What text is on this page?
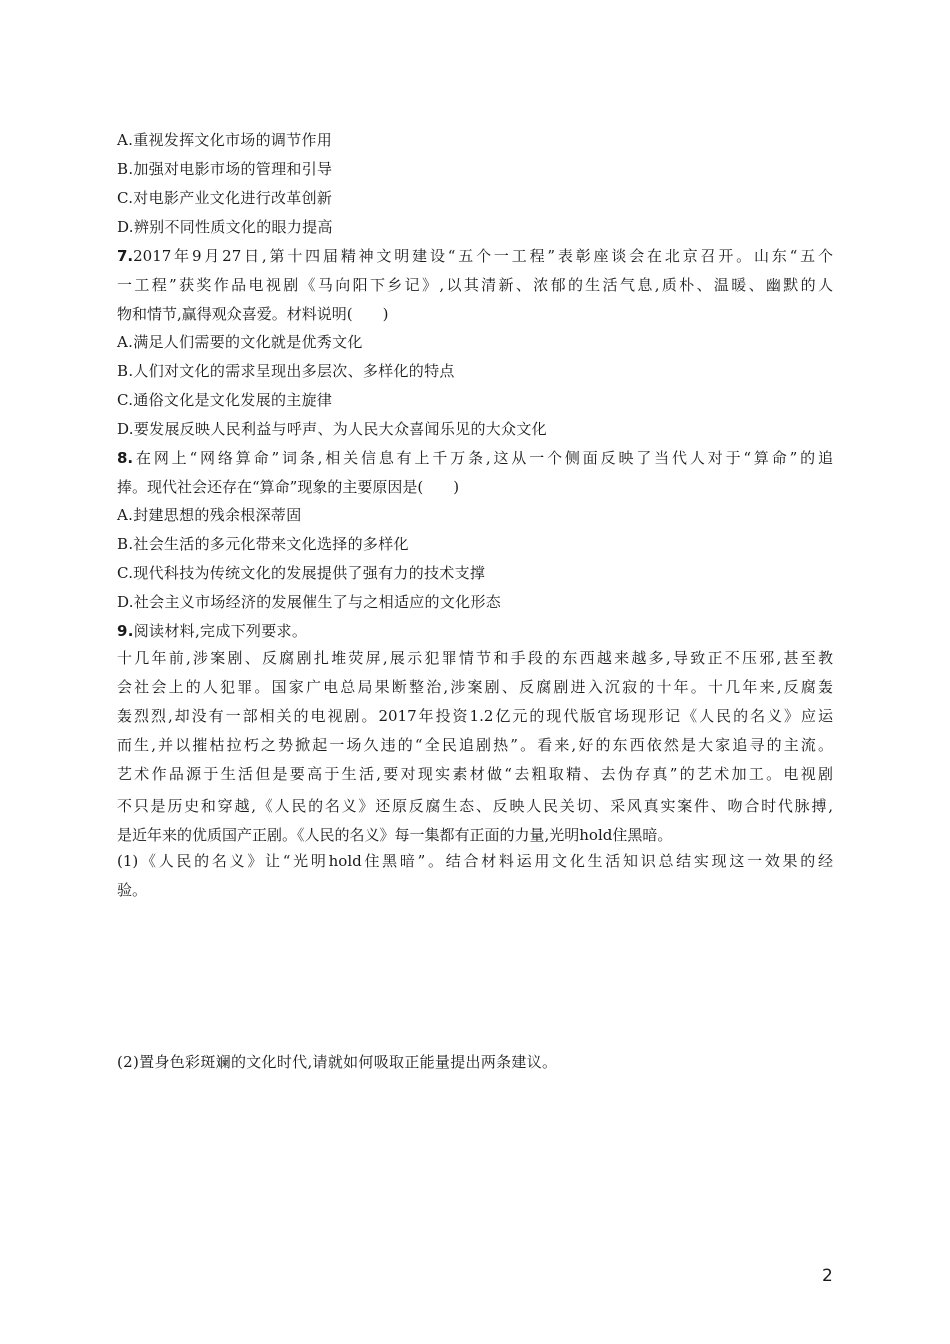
A.重视发挥文化市场的调节作用
B.加强对电影市场的管理和引导
C.对电影产业文化进行改革创新
D.辨别不同性质文化的眼力提高
7.2017年9月27日,第十四届精神文明建设“五个一工程”表彰座谈会在北京召开。山东“五个
一工程”获奖作品电视剧《马向阳下乡记》,以其清新、浓郁的生活气息,质朴、温暖、幽默的人
物和情节,赢得观众喜爱。材料说明(　　)
A.满足人们需要的文化就是优秀文化
B.人们对文化的需求呈现出多层次、多样化的特点
C.通俗文化是文化发展的主旋律
D.要发展反映人民利益与呼声、为人民大众喜闻乐见的大众文化
8.在网上“网络算命”词条,相关信息有上千万条,这从一个侧面反映了当代人对于“算命”的追
捧。现代社会还存在“算命”现象的主要原因是(　　)
A.封建思想的残余根深蒂固
B.社会生活的多元化带来文化选择的多样化
C.现代科技为传统文化的发展提供了强有力的技术支撑
D.社会主义市场经济的发展催生了与之相适应的文化形态
9.阅读材料,完成下列要求。
十几年前,涉案剧、反腐剧扎堆荧屏,展示犯罪情节和手段的东西越来越多,导致正不压邪,甚至教
会社会上的人犯罪。国家广电总局果断整治,涉案剧、反腐剧进入沉寂的十年。十几年来,反腐轰
轰烈烈,却没有一部相关的电视剧。2017年投资1.2亿元的现代版官场现形记《人民的名义》应运
而生,并以摧枯拉朽之势掀起一场久违的“全民追剧热”。看来,好的东西依然是大家追寻的主流。
艺术作品源于生活但是要高于生活,要对现实素材做“去粗取精、去伪存真”的艺术加工。电视剧
不只是历史和穿越,《人民的名义》还原反腐生态、反映人民关切、采风真实案件、吻合时代脉搏,
是近年来的优质国产正剧。《人民的名义》每一集都有正面的力量,光明hold住黑暗。
(1)《人民的名义》让“光明hold住黑暗”。结合材料运用文化生活知识总结实现这一效果的经
验。
(2)置身色彩斑斓的文化时代,请就如何吸取正能量提出两条建议。
2
